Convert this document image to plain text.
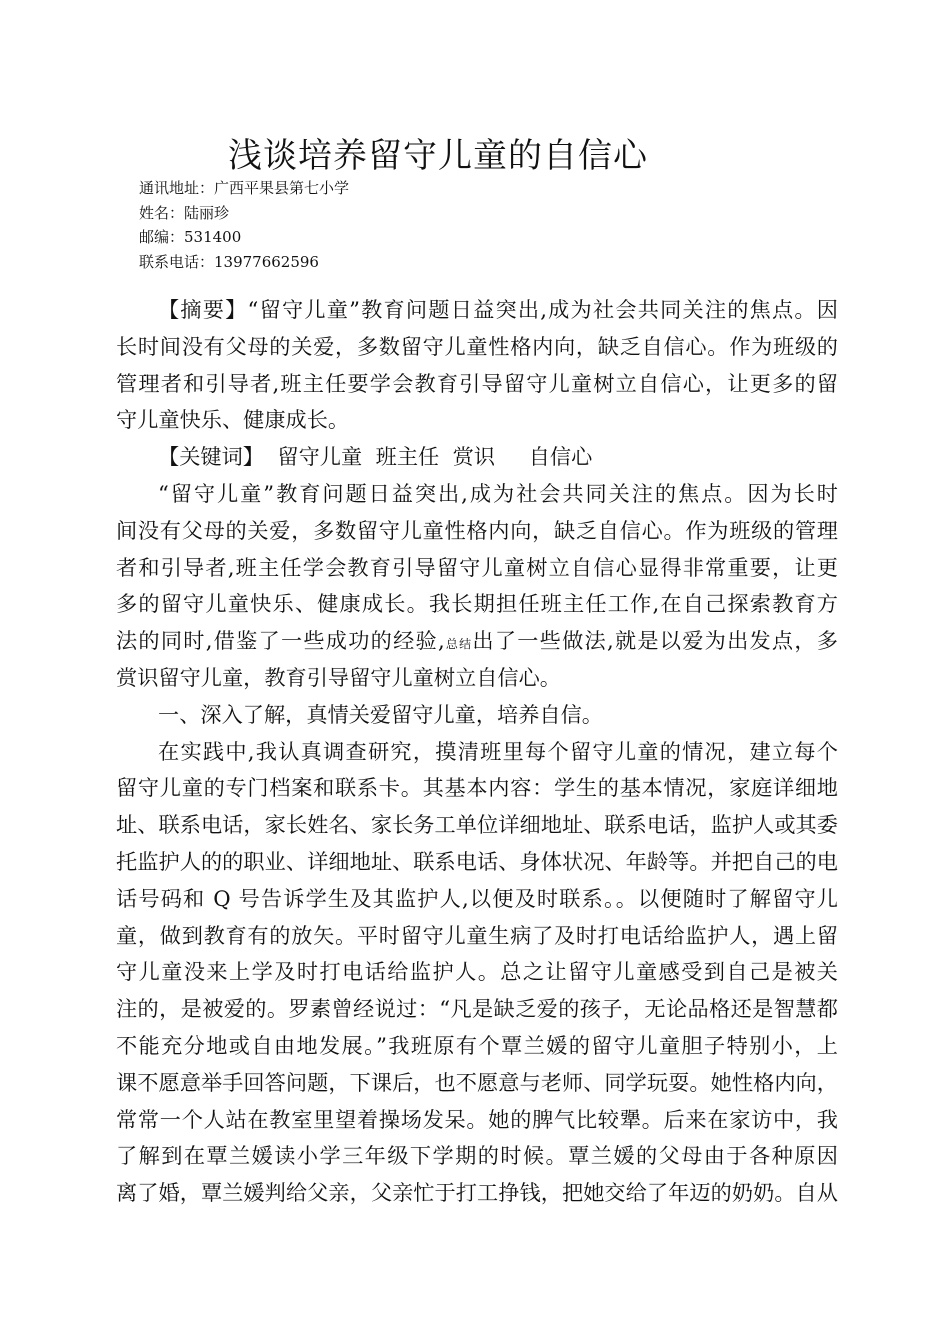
浅谈培养留守儿童的自信心
通讯地址：广西平果县第七小学
姓名：陆丽珍
邮编：531400
联系电话：13977662596
【摘要】“留守儿童”教育问题日益突出,成为社会共同关注的焦点。因
长时间没有父母的关爱，多数留守儿童性格内向，缺乏自信心。作为班级的
管理者和引导者,班主任要学会教育引导留守儿童树立自信心，让更多的留
守儿童快乐、健康成长。
【关键词】  留守儿童  班主任  赏识     自信心
“留守儿童”教育问题日益突出,成为社会共同关注的焦点。因为长时
间没有父母的关爱，多数留守儿童性格内向，缺乏自信心。作为班级的管理
者和引导者,班主任学会教育引导留守儿童树立自信心显得非常重要，让更
多的留守儿童快乐、健康成长。我长期担任班主任工作,在自己探索教育方
法的同时,借鉴了一些成功的经验,总结出了一些做法,就是以爱为出发点，多
赏识留守儿童，教育引导留守儿童树立自信心。
一、深入了解，真情关爱留守儿童，培养自信。
在实践中,我认真调查研究，摸清班里每个留守儿童的情况，建立每个
留守儿童的专门档案和联系卡。其基本内容：学生的基本情况，家庭详细地
址、联系电话，家长姓名、家长务工单位详细地址、联系电话，监护人或其委
托监护人的的职业、详细地址、联系电话、身体状况、年龄等。并把自己的电
话号码和 Q 号告诉学生及其监护人,以便及时联系。。以便随时了解留守儿
童，做到教育有的放矢。平时留守儿童生病了及时打电话给监护人，遇上留
守儿童没来上学及时打电话给监护人。总之让留守儿童感受到自己是被关
注的，是被爱的。罗素曾经说过：“凡是缺乏爱的孩子，无论品格还是智慧都
不能充分地或自由地发展。”我班原有个覃兰媛的留守儿童胆子特别小，上
课不愿意举手回答问题，下课后，也不愿意与老师、同学玩耍。她性格内向，
常常一个人站在教室里望着操场发呆。她的脾气比较犟。后来在家访中，我
了解到在覃兰媛读小学三年级下学期的时候。覃兰媛的父母由于各种原因
离了婚，覃兰媛判给父亲，父亲忙于打工挣钱，把她交给了年迈的奶奶。自从
